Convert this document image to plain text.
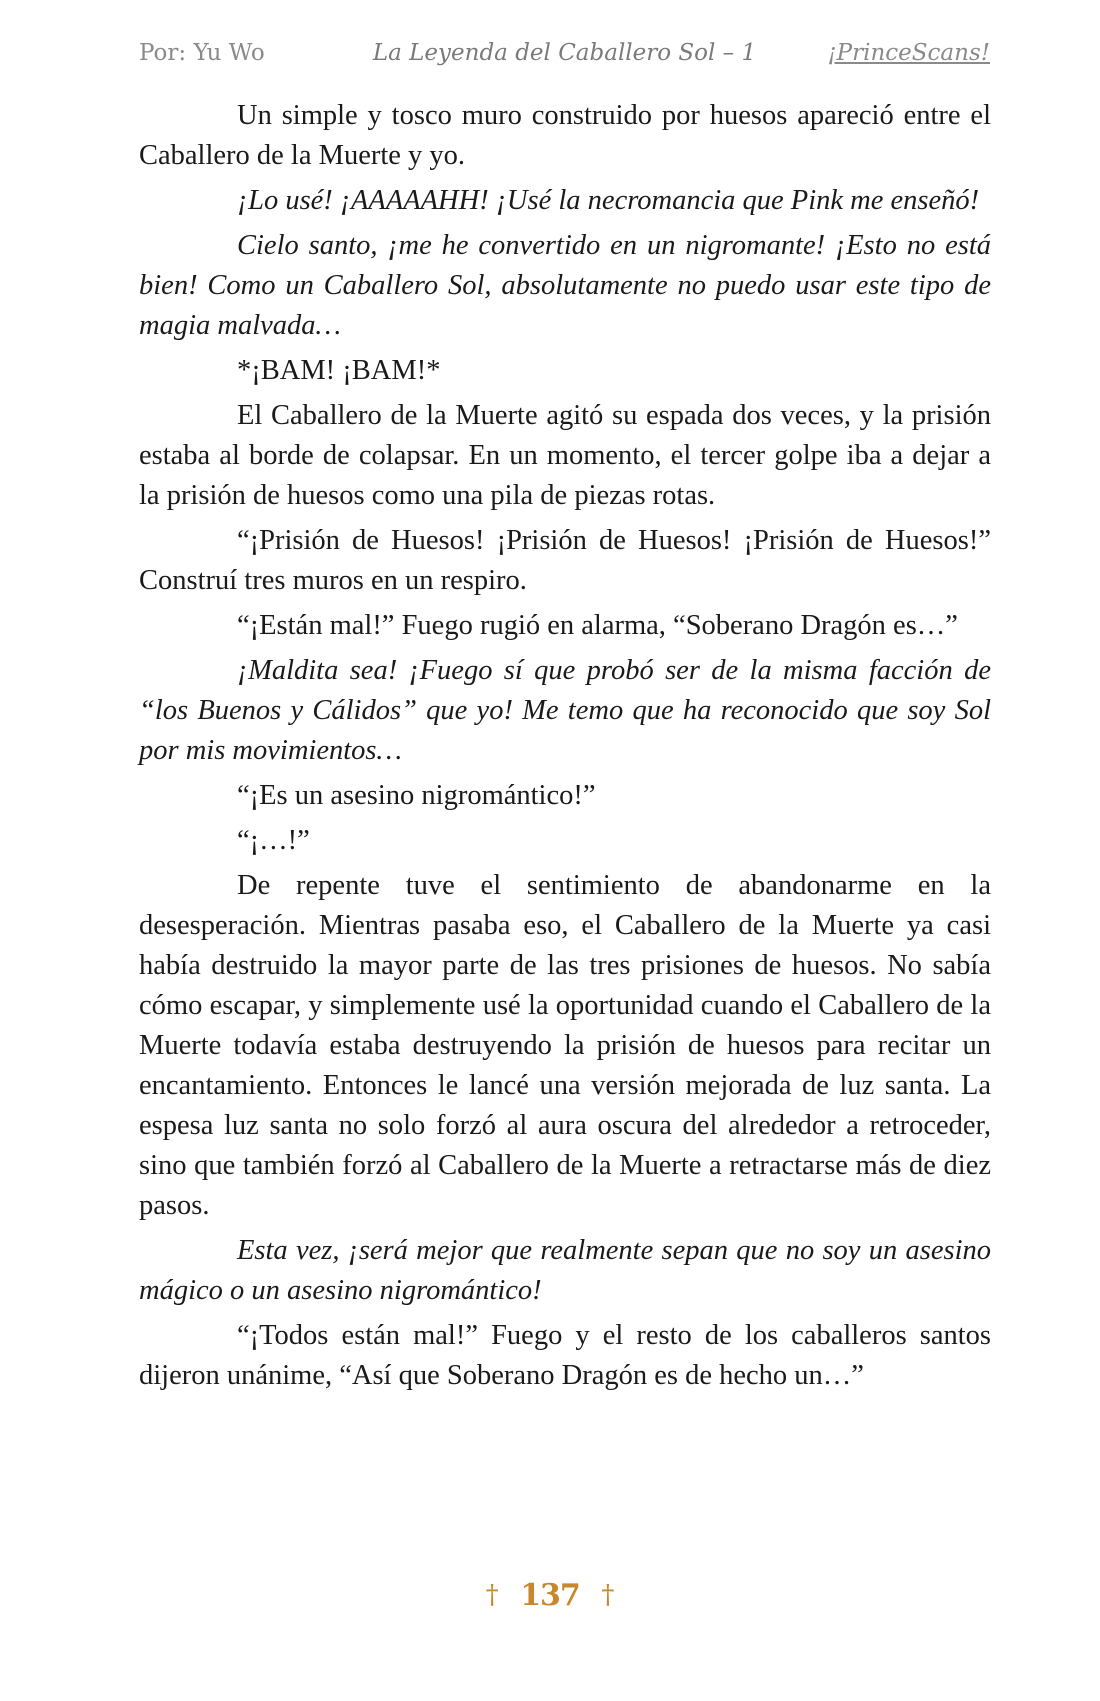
Por: Yu Wo	La Leyenda del Caballero Sol – 1	¡PrinceScans!

Un simple y tosco muro construido por huesos apareció entre el Caballero de la Muerte y yo.

¡Lo usé! ¡AAAAAHH! ¡Usé la necromancia que Pink me enseñó!

Cielo santo, ¡me he convertido en un nigromante! ¡Esto no está bien! Como un Caballero Sol, absolutamente no puedo usar este tipo de magia malvada…

*¡BAM! ¡BAM!*

El Caballero de la Muerte agitó su espada dos veces, y la prisión estaba al borde de colapsar. En un momento, el tercer golpe iba a dejar a la prisión de huesos como una pila de piezas rotas.

“¡Prisión de Huesos! ¡Prisión de Huesos! ¡Prisión de Huesos!” Construí tres muros en un respiro.

“¡Están mal!” Fuego rugió en alarma, “Soberano Dragón es…”

¡Maldita sea! ¡Fuego sí que probó ser de la misma facción de “los Buenos y Cálidos” que yo! Me temo que ha reconocido que soy Sol por mis movimientos…

“¡Es un asesino nigromántico!”

“¡…!”

De repente tuve el sentimiento de abandonarme en la desesperación. Mientras pasaba eso, el Caballero de la Muerte ya casi había destruido la mayor parte de las tres prisiones de huesos. No sabía cómo escapar, y simplemente usé la oportunidad cuando el Caballero de la Muerte todavía estaba destruyendo la prisión de huesos para recitar un encantamiento. Entonces le lancé una versión mejorada de luz santa. La espesa luz santa no solo forzó al aura oscura del alrededor a retroceder, sino que también forzó al Caballero de la Muerte a retractarse más de diez pasos.

Esta vez, ¡será mejor que realmente sepan que no soy un asesino mágico o un asesino nigromántico!

“¡Todos están mal!” Fuego y el resto de los caballeros santos dijeron unánime, “Así que Soberano Dragón es de hecho un…”

† 137 †
